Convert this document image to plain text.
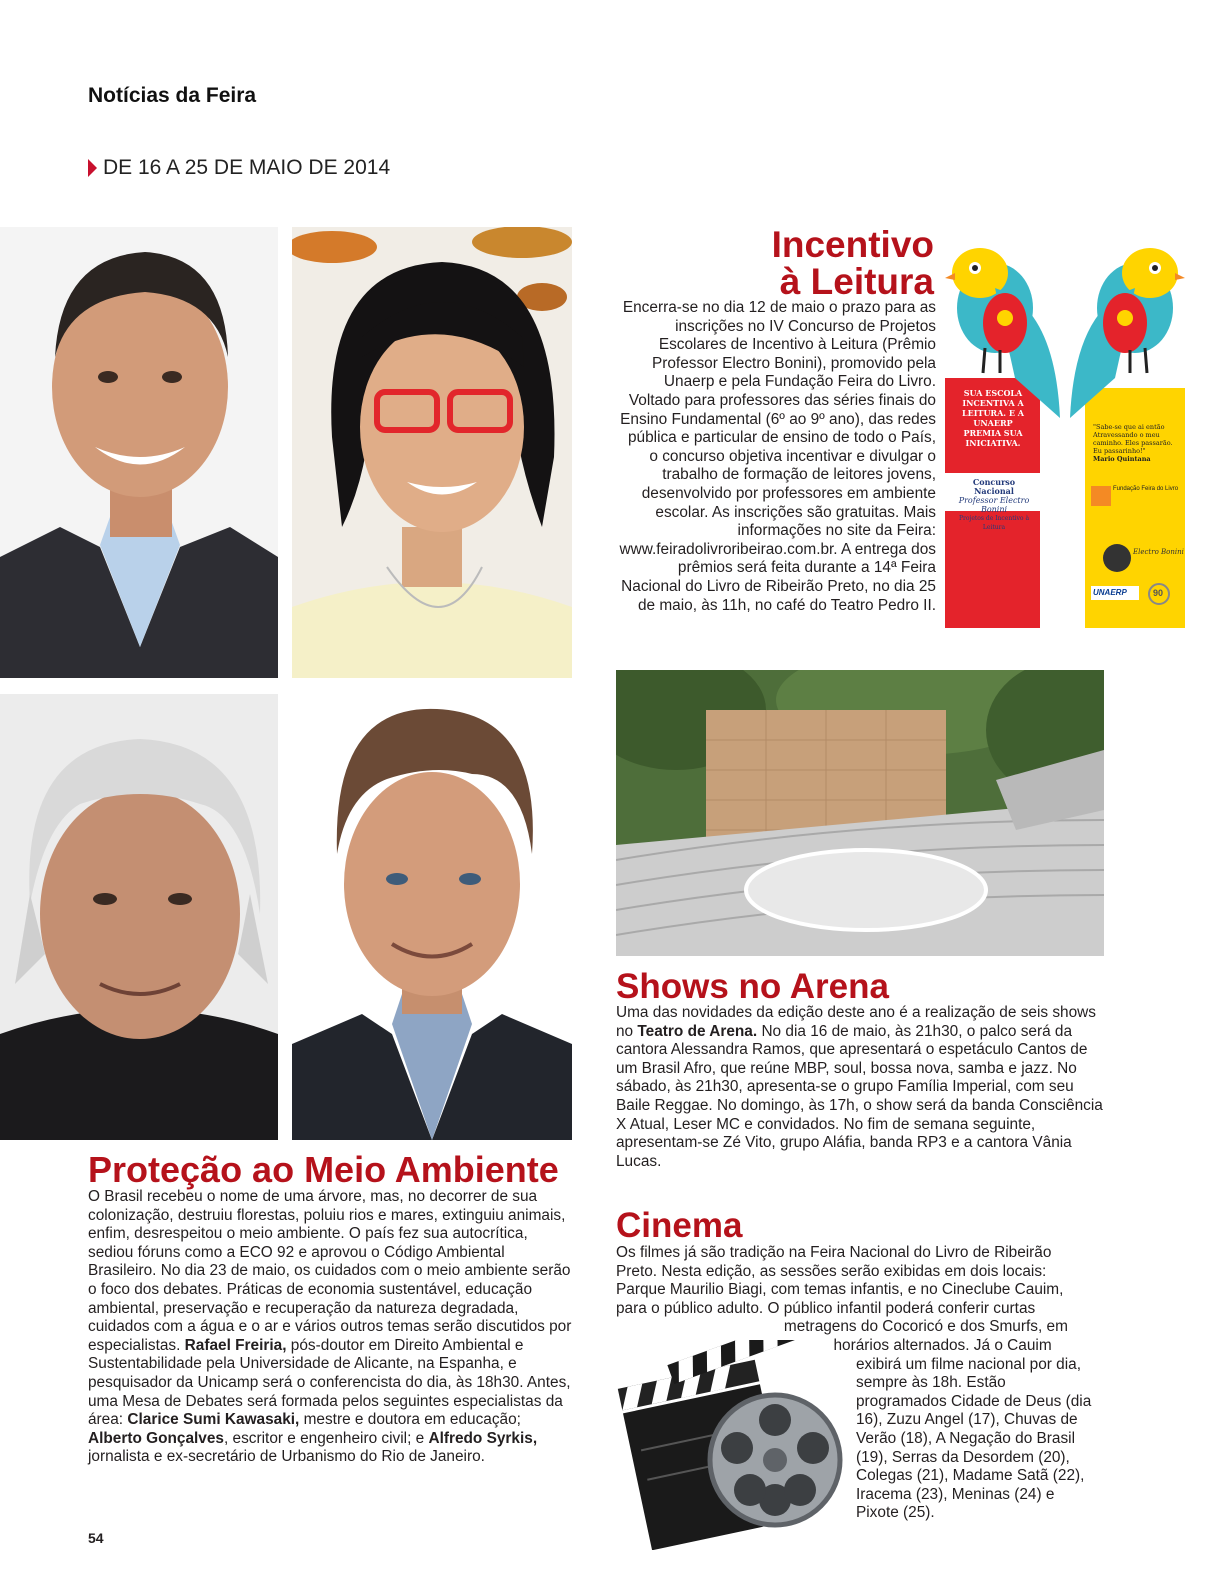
Notícias da Feira
DE 16 A 25 DE MAIO DE 2014
Incentivo
à Leitura
Encerra-se no dia 12 de maio o prazo para as inscrições no IV Concurso de Projetos Escolares de Incentivo à Leitura (Prêmio Professor Electro Bonini), promovido pela Unaerp e pela Fundação Feira do Livro. Voltado para professores das séries finais do Ensino Fundamental (6º ao 9º ano), das redes pública e particular de ensino de todo o País, o concurso objetiva incentivar e divulgar o trabalho de formação de leitores jovens, desenvolvido por professores em ambiente escolar. As inscrições são gratuitas. Mais informações no site da Feira: www.feiradolivroribeirao.com.br. A entrega dos prêmios será feita durante a 14ª Feira Nacional do Livro de Ribeirão Preto, no dia 25 de maio, às 11h, no café do Teatro Pedro II.
SUA ESCOLA INCENTIVA A LEITURA. E A UNAERP PREMIA SUA INICIATIVA.
Concurso Nacional
Professor Electro Bonini
Projetos de Incentivo à Leitura
"Sabe-se que ai então Atravessando o meu caminho. Eles passarão. Eu passarinho!"
Mario Quintana
Fundação Feira do Livro
Electro Bonini
UNAERP	90
Shows no Arena
Uma das novidades da edição deste ano é a realização de seis shows no Teatro de Arena. No dia 16 de maio, às 21h30, o palco será da cantora Alessandra Ramos, que apresentará o espetáculo Cantos de um Brasil Afro, que reúne MBP, soul, bossa nova, samba e jazz. No sábado, às 21h30, apresenta-se o grupo Família Imperial, com seu Baile Reggae. No domingo, às 17h, o show será da banda Consciência X Atual, Leser MC e convidados. No fim de semana seguinte, apresentam-se Zé Vito, grupo Aláfia, banda RP3 e a cantora Vânia Lucas.
Proteção ao Meio Ambiente
O Brasil recebeu o nome de uma árvore, mas, no decorrer de sua colonização, destruiu florestas, poluiu rios e mares, extinguiu animais, enfim, desrespeitou o meio ambiente. O país fez sua autocrítica, sediou fóruns como a ECO 92 e aprovou o Código Ambiental Brasileiro. No dia 23 de maio, os cuidados com o meio ambiente serão o foco dos debates. Práticas de economia sustentável, educação ambiental, preservação e recuperação da natureza degradada, cuidados com a água e o ar e vários outros temas serão discutidos por especialistas. Rafael Freiria, pós-doutor em Direito Ambiental e Sustentabilidade pela Universidade de Alicante, na Espanha, e pesquisador da Unicamp será o conferencista do dia, às 18h30. Antes, uma Mesa de Debates será formada pelos seguintes especialistas da área: Clarice Sumi Kawasaki, mestre e doutora em educação; Alberto Gonçalves, escritor e engenheiro civil; e Alfredo Syrkis, jornalista e ex-secretário de Urbanismo do Rio de Janeiro.
Cinema
Os filmes já são tradição na Feira Nacional do Livro de Ribeirão Preto. Nesta edição, as sessões serão exibidas em dois locais: Parque Maurilio Biagi, com temas infantis, e no Cineclube Cauim, para o público adulto. O público infantil poderá conferir curtas metragens do Cocoricó e dos Smurfs, em horários alternados. Já o Cauim exibirá um filme nacional por dia, sempre às 18h. Estão programados Cidade de Deus (dia 16), Zuzu Angel (17), Chuvas de Verão (18), A Negação do Brasil (19), Serras da Desordem (20), Colegas (21), Madame Satã (22), Iracema (23), Meninas (24) e Pixote (25).
54
